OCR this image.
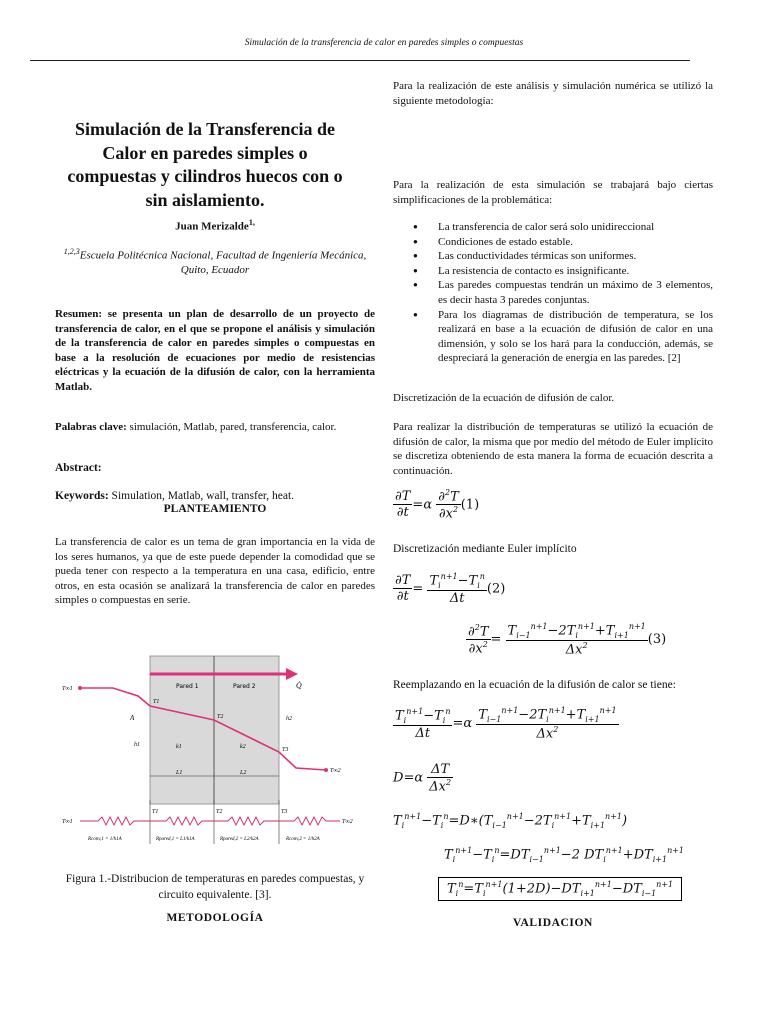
Simulación de la transferencia de calor en paredes simples o compuestas
Simulación de la Transferencia de Calor en paredes simples o compuestas y cilindros huecos con o sin aislamiento.
Juan Merizalde$^{1,}$
$^{1,2,3}$Escuela Politécnica Nacional, Facultad de Ingeniería Mecánica, Quito, Ecuador
Resumen: se presenta un plan de desarrollo de un proyecto de transferencia de calor, en el que se propone el análisis y simulación de la transferencia de calor en paredes simples o compuestas en base a la resolución de ecuaciones por medio de resistencias eléctricas y la ecuación de la difusión de calor, con la herramienta Matlab.
Palabras clave: simulación, Matlab, pared, transferencia, calor.
Abstract:
Keywords: Simulation, Matlab, wall, transfer, heat.
PLANTEAMIENTO
La transferencia de calor es un tema de gran importancia en la vida de los seres humanos, ya que de este puede depender la comodidad que se pueda tener con respecto a la temperatura en una casa, edificio, entre otros, en esta ocasión se analizará la transferencia de calor en paredes simples o compuestas en serie.
Pared 1	Pared 2	Q̇
T∞1
T∞2
T1
T2
T3
A
h1
h2
k1	k2
L1	L2
T∞1
T1	T2	T3
T∞2
Rconv,1 = 1/h1A	Rpared,1 = L1/k1A	Rpared,2 = L2/k2A	Rconv,2 = 1/h2A
Figura 1.-Distribucion de temperaturas en paredes compuestas, y circuito equivalente. [3].
METODOLOGÍA
Para la realización de este análisis y simulación numérica se utilizó la siguiente metodología:
Para la realización de esta simulación se trabajará bajo ciertas simplificaciones de la problemática:
● La transferencia de calor será solo unidireccional
● Condiciones de estado estable.
● Las conductividades térmicas son uniformes.
● La resistencia de contacto es insignificante.
● Las paredes compuestas tendrán un máximo de 3 elementos, es decir hasta 3 paredes conjuntas.
● Para los diagramas de distribución de temperatura, se los realizará en base a la ecuación de difusión de calor en una dimensión, y solo se los hará para la conducción, además, se despreciará la generación de energía en las paredes. [2]
Discretización de la ecuación de difusión de calor.
Para realizar la distribución de temperaturas se utilizó la ecuación de difusión de calor, la misma que por medio del método de Euler implícito se discretiza obteniendo de esta manera la forma de ecuación descrita a continuación.
$\frac{\partial T}{\partial t} =\alpha \frac{\partial^2T}{\partial x^2} (1)$
Discretización mediante Euler implícito
$\frac{\partial T}{\partial t} = \frac{T_i^{n+1}-T_i^n}{\Delta t} (2)$
$\frac{\partial^2T}{\partial x^2} = \frac{T_{i-1}^{n+1}-2T_i^{n+1}+T_{i+1}^{n+1}}{\Delta x^2} (3)$
Reemplazando en la ecuación de la difusión de calor se tiene:
$\frac{T_i^{n+1}-T_i^n}{\Delta t} =\alpha \frac{T_{i-1}^{n+1}-2T_i^{n+1}+T_{i+1}^{n+1}}{\Delta x^2}$
$D=\alpha \frac{\Delta T}{\Delta x^2}$
$T_i^{n+1}-T_i^n=D∗(T_{i-1}^{n+1}-2T_i^{n+1}+T_{i+1}^{n+1})$
$T_i^{n+1}-T_i^n=DT_{i-1}^{n+1}-2$ $DT_i^{n+1}+DT_{i+1}^{n+1}$
$T_i^n=T_i^{n+1}(1+2D)-DT_{i+1}^{n+1}-DT_{i-1}^{n+1}$
VALIDACION
